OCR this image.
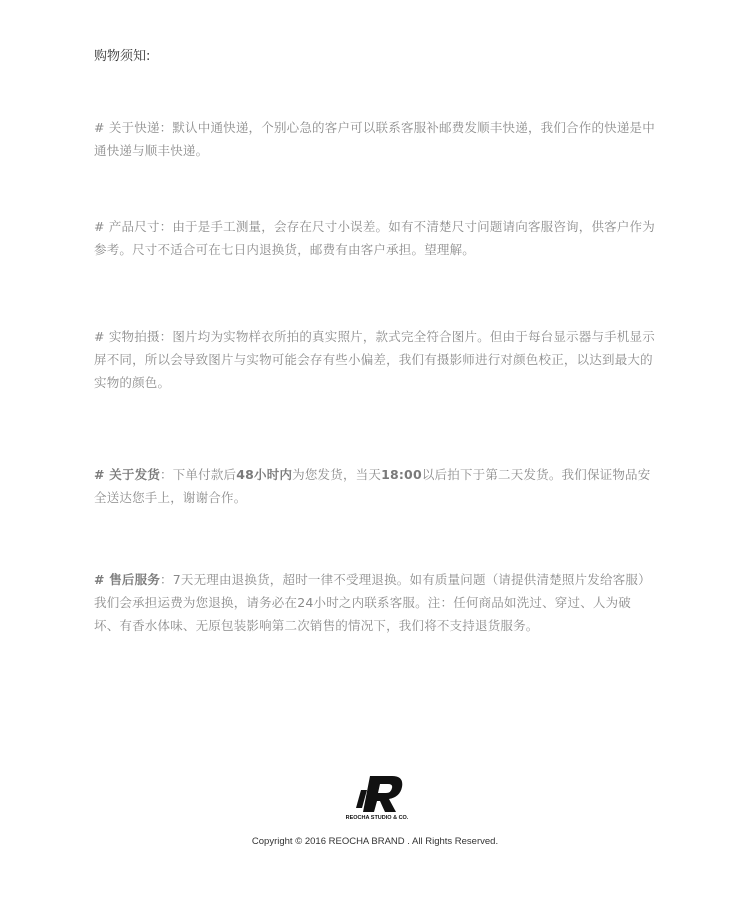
购物须知:

# 关于快递：默认中通快递，个别心急的客户可以联系客服补邮费发顺丰快递，我们合作的快递是中通快递与顺丰快递。

# 产品尺寸：由于是手工测量，会存在尺寸小误差。如有不清楚尺寸问题请向客服咨询，供客户作为参考。尺寸不适合可在七日内退换货，邮费有由客户承担。望理解。

# 实物拍摄：图片均为实物样衣所拍的真实照片，款式完全符合图片。但由于每台显示器与手机显示屏不同，所以会导致图片与实物可能会存有些小偏差，我们有摄影师进行对颜色校正，以达到最大的实物的颜色。

# 关于发货：下单付款后48小时内为您发货，当天18:00以后拍下于第二天发货。我们保证物品安全送达您手上，谢谢合作。

# 售后服务：7天无理由退换货，超时一律不受理退换。如有质量问题（请提供清楚照片发给客服）我们会承担运费为您退换，请务必在24小时之内联系客服。注：任何商品如洗过、穿过、人为破坏、有香水体味、无原包装影响第二次销售的情况下，我们将不支持退货服务。

REOCHA STUDIO & CO.
Copyright © 2016 REOCHA BRAND . All Rights Reserved.
